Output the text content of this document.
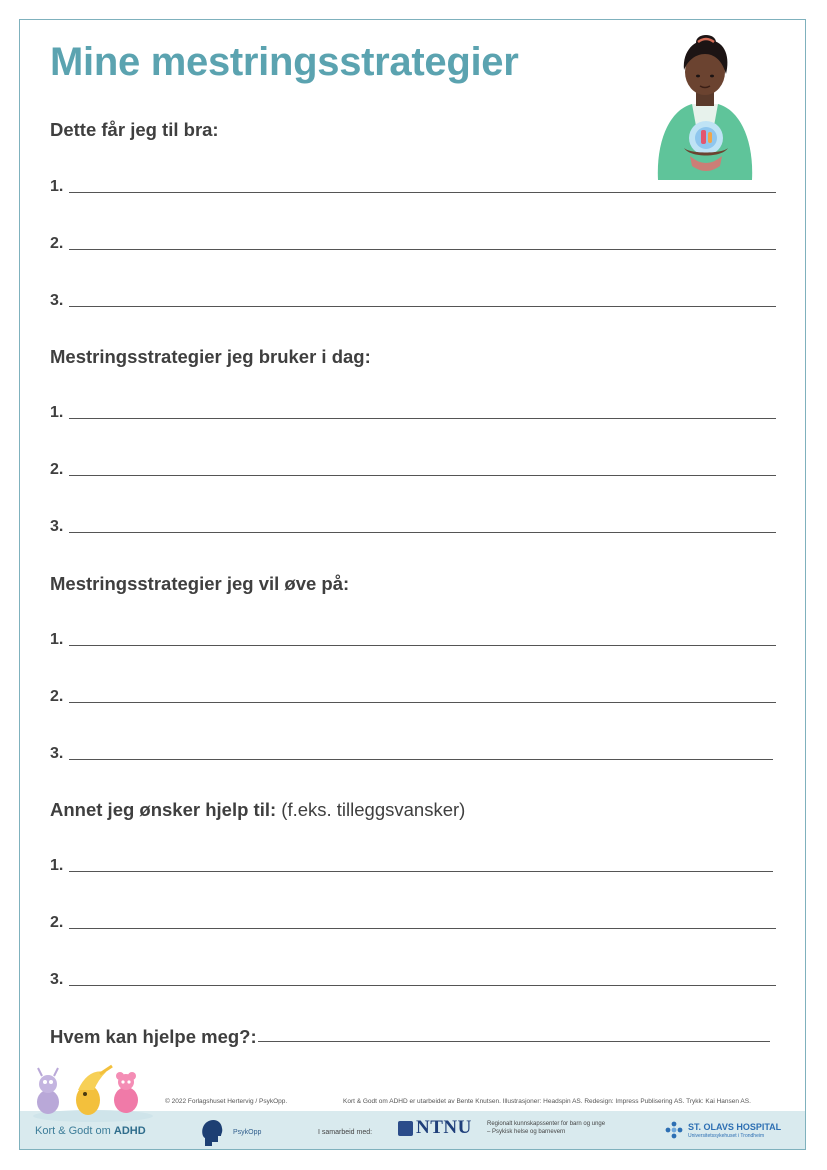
Mine mestringsstrategier
Dette får jeg til bra:
1.
2.
3.
Mestringsstrategier jeg bruker i dag:
1.
2.
3.
Mestringsstrategier jeg vil øve på:
1.
2.
3.
Annet jeg ønsker hjelp til: (f.eks. tilleggsvansker)
1.
2.
3.
Hvem kan hjelpe meg?:
© 2022 Forlagshuset Hertervig / PsykOpp.	Kort & Godt om ADHD er utarbeidet av Bente Knutsen. Illustrasjoner: Headspin AS. Redesign: Impress Publisering AS. Trykk: Kai Hansen AS.
Kort & Godt om ADHD	PsykOpp	I samarbeid med: NTNU	Regionalt kunnskapssenter for barn og unge
– Psykisk helse og barnevern	ST. OLAVS HOSPITAL
Universitetssykehuset i Trondheim
